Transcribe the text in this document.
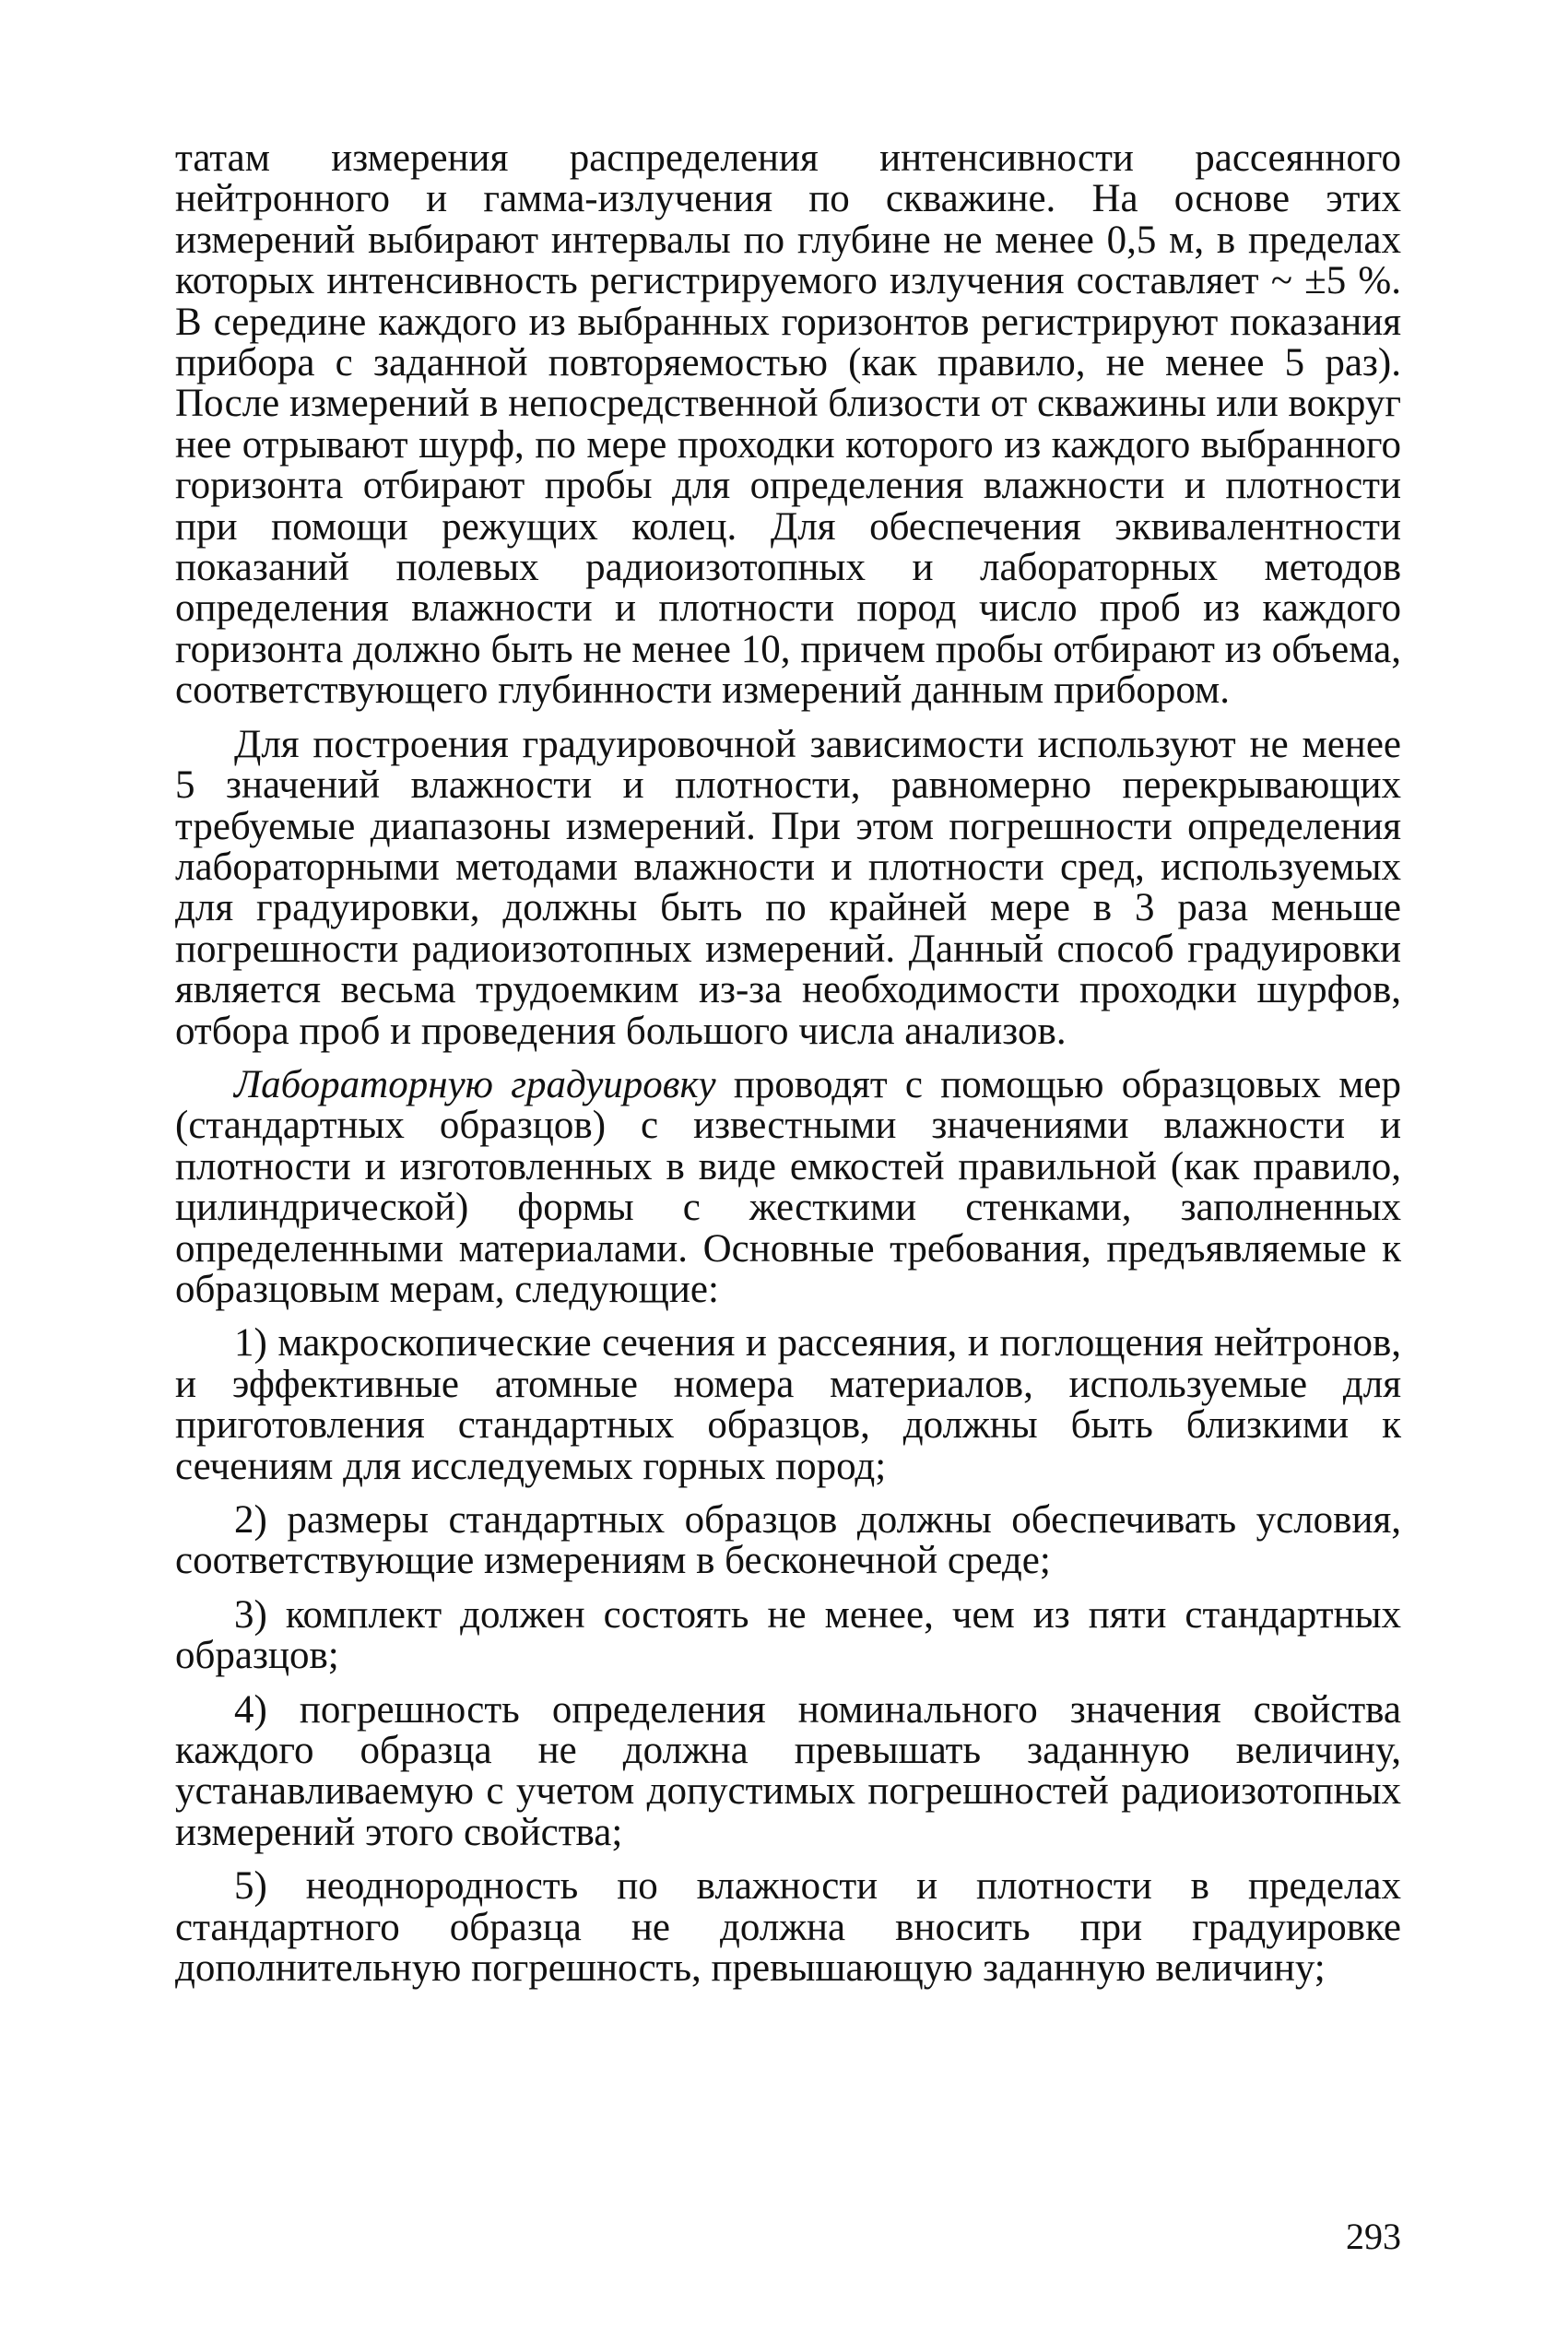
татам измерения распределения интенсивности рассеянного нейтронного и гамма-излучения по скважине. На основе этих измерений выбирают интервалы по глубине не менее 0,5 м, в пределах которых интенсивность регистрируемого излучения составляет ~ ±5 %. В середине каждого из выбранных горизонтов регистрируют показания прибора с заданной повторяемостью (как правило, не менее 5 раз). После измерений в непосредственной близости от скважины или вокруг нее отрывают шурф, по мере проходки которого из каждого выбранного горизонта отбирают пробы для определения влажности и плотности при помощи режущих колец. Для обеспечения эквивалентности показаний полевых радиоизотопных и лабораторных методов определения влажности и плотности пород число проб из каждого горизонта должно быть не менее 10, причем пробы отбирают из объема, соответствующего глубинности измерений данным прибором.

Для построения градуировочной зависимости используют не менее 5 значений влажности и плотности, равномерно перекрывающих требуемые диапазоны измерений. При этом погрешности определения лабораторными методами влажности и плотности сред, используемых для градуировки, должны быть по крайней мере в 3 раза меньше погрешности радиоизотопных измерений. Данный способ градуировки является весьма трудоемким из-за необходимости проходки шурфов, отбора проб и проведения большого числа анализов.

Лабораторную градуировку проводят с помощью образцовых мер (стандартных образцов) с известными значениями влажности и плотности и изготовленных в виде емкостей правильной (как правило, цилиндрической) формы с жесткими стенками, заполненных определенными материалами. Основные требования, предъявляемые к образцовым мерам, следующие:

1) макроскопические сечения и рассеяния, и поглощения нейтронов, и эффективные атомные номера материалов, используемые для приготовления стандартных образцов, должны быть близкими к сечениям для исследуемых горных пород;

2) размеры стандартных образцов должны обеспечивать условия, соответствующие измерениям в бесконечной среде;

3) комплект должен состоять не менее, чем из пяти стандартных образцов;

4) погрешность определения номинального значения свойства каждого образца не должна превышать заданную величину, устанавливаемую с учетом допустимых погрешностей радиоизотопных измерений этого свойства;

5) неоднородность по влажности и плотности в пределах стандартного образца не должна вносить при градуировке дополнительную погрешность, превышающую заданную величину;

293
